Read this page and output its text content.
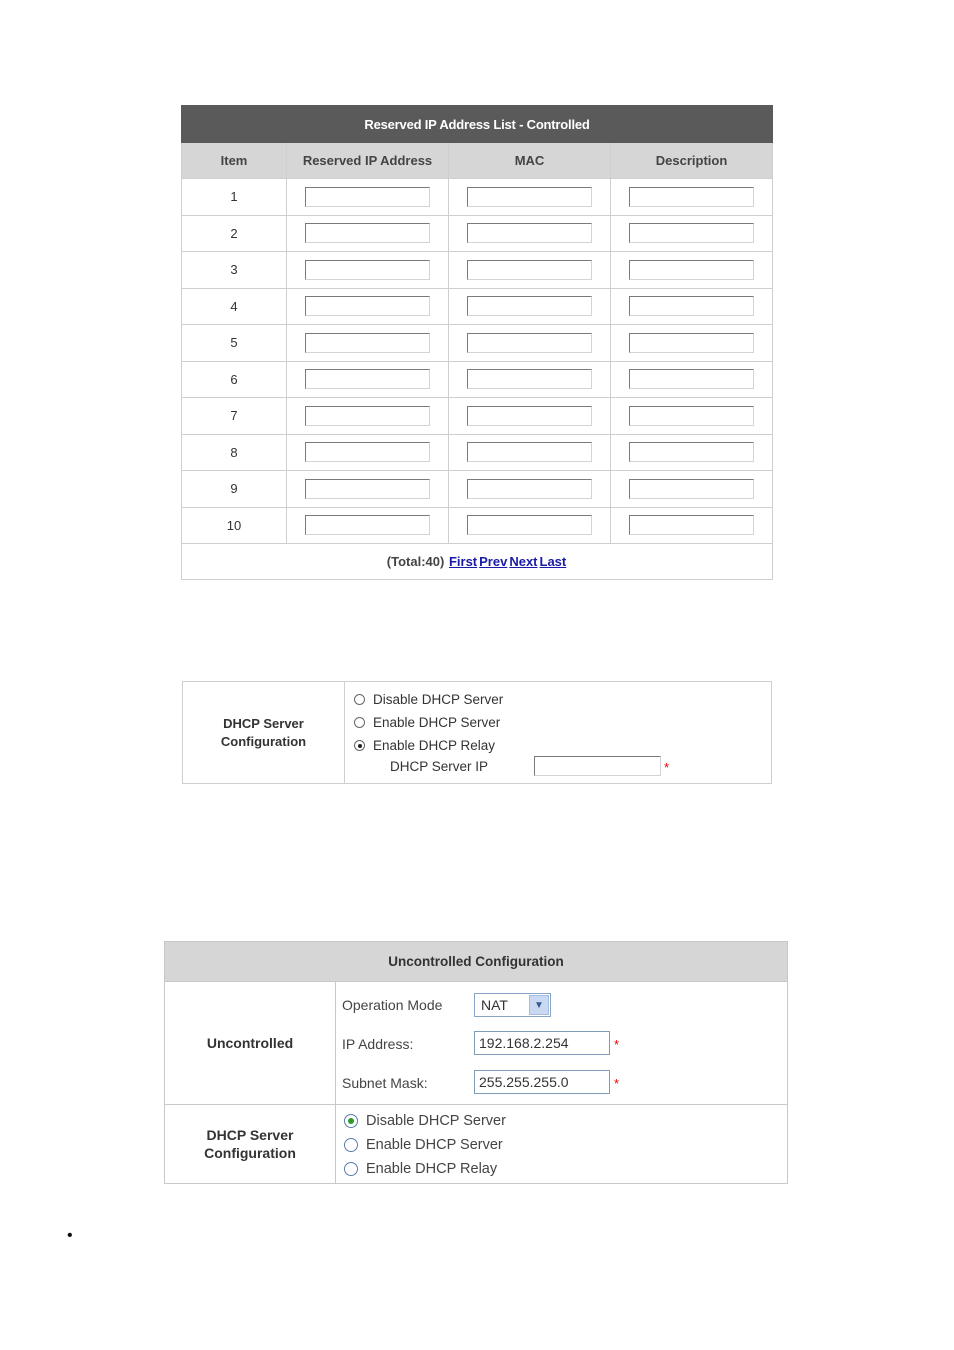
Reserved IP Address List - Controlled			
Item	Reserved IP Address	MAC	Description
1			
2			
3			
4			
5			
6			
7			
8			
9			
10			
(Total:40) First Prev Next Last			
DHCP Server
Configuration
Disable DHCP Server
Enable DHCP Server
Enable DHCP Relay
DHCP Server IP	*
Uncontrolled Configuration
Uncontrolled
Operation Mode	NAT	▼
IP Address:	192.168.2.254	*
Subnet Mask:	255.255.255.0	*
DHCP Server
Configuration
Disable DHCP Server
Enable DHCP Server
Enable DHCP Relay
•
